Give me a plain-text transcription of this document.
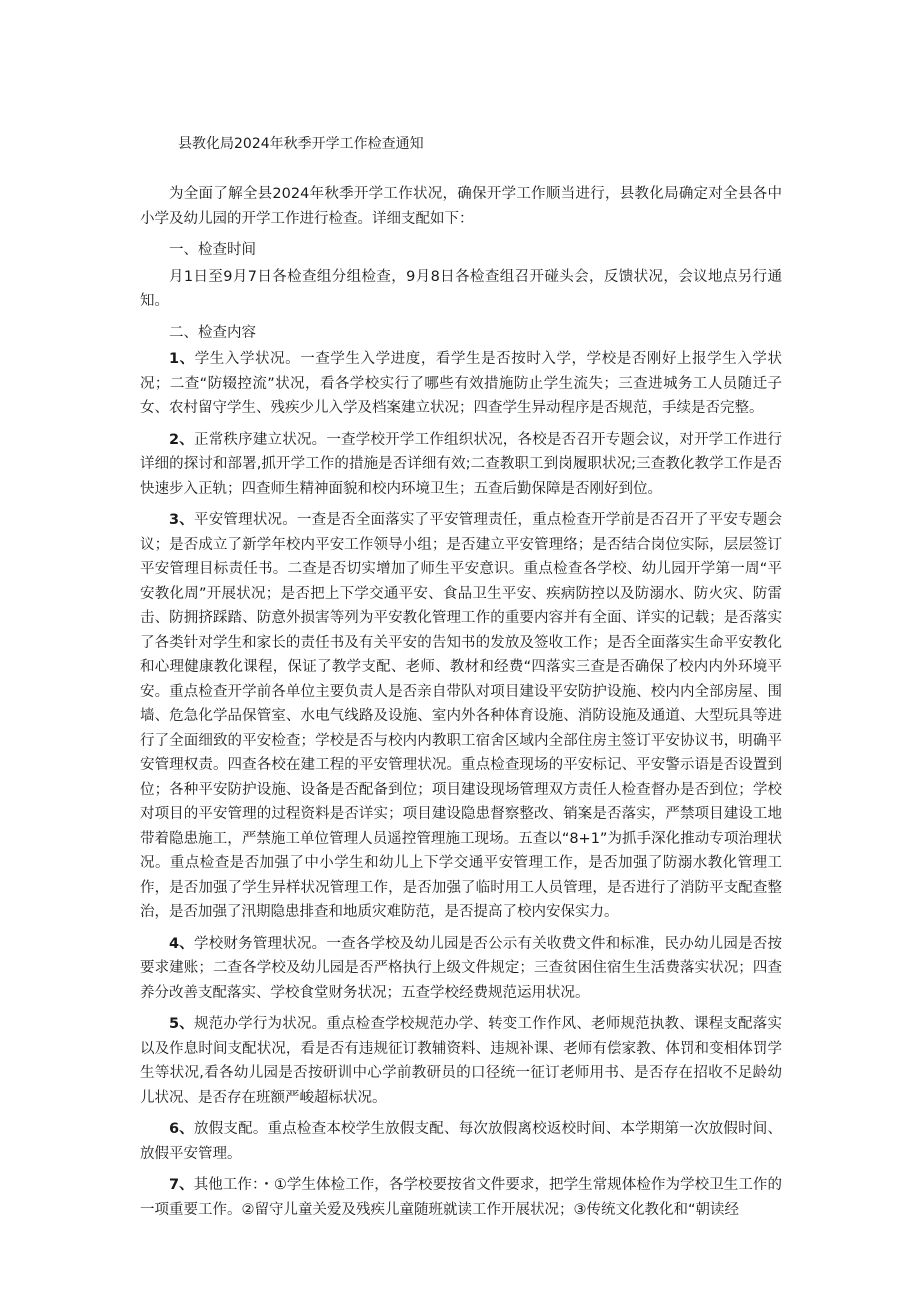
县教化局2024年秋季开学工作检查通知

为全面了解全县2024年秋季开学工作状况，确保开学工作顺当进行，县教化局确定对全县各中小学及幼儿园的开学工作进行检查。详细支配如下：

一、检查时间

月1日至9月7日各检查组分组检查，9月8日各检查组召开碰头会，反馈状况，会议地点另行通知。

二、检查内容

1、学生入学状况。一查学生入学进度，看学生是否按时入学，学校是否刚好上报学生入学状况；二查“防辍控流”状况，看各学校实行了哪些有效措施防止学生流失；三查进城务工人员随迁子女、农村留守学生、残疾少儿入学及档案建立状况；四查学生异动程序是否规范，手续是否完整。

2、正常秩序建立状况。一查学校开学工作组织状况，各校是否召开专题会议，对开学工作进行详细的探讨和部署,抓开学工作的措施是否详细有效;二查教职工到岗履职状况;三查教化教学工作是否快速步入正轨；四查师生精神面貌和校内环境卫生；五查后勤保障是否刚好到位。

3、平安管理状况。一查是否全面落实了平安管理责任，重点检查开学前是否召开了平安专题会议；是否成立了新学年校内平安工作领导小组；是否建立平安管理络；是否结合岗位实际，层层签订平安管理目标责任书。二查是否切实增加了师生平安意识。重点检查各学校、幼儿园开学第一周“平安教化周”开展状况；是否把上下学交通平安、食品卫生平安、疾病防控以及防溺水、防火灾、防雷击、防拥挤踩踏、防意外损害等列为平安教化管理工作的重要内容并有全面、详实的记载；是否落实了各类针对学生和家长的责任书及有关平安的告知书的发放及签收工作；是否全面落实生命平安教化和心理健康教化课程，保证了教学支配、老师、教材和经费“四落实三查是否确保了校内内外环境平安。重点检查开学前各单位主要负责人是否亲自带队对项目建设平安防护设施、校内内全部房屋、围墙、危急化学品保管室、水电气线路及设施、室内外各种体育设施、消防设施及通道、大型玩具等进行了全面细致的平安检查；学校是否与校内内教职工宿舍区域内全部住房主签订平安协议书，明确平安管理权责。四查各校在建工程的平安管理状况。重点检查现场的平安标记、平安警示语是否设置到位；各种平安防护设施、设备是否配备到位；项目建设现场管理双方责任人检查督办是否到位；学校对项目的平安管理的过程资料是否详实；项目建设隐患督察整改、销案是否落实，严禁项目建设工地带着隐患施工，严禁施工单位管理人员遥控管理施工现场。五查以“8+1”为抓手深化推动专项治理状况。重点检查是否加强了中小学生和幼儿上下学交通平安管理工作，是否加强了防溺水教化管理工作，是否加强了学生异样状况管理工作，是否加强了临时用工人员管理，是否进行了消防平支配查整治，是否加强了汛期隐患排查和地质灾难防范，是否提高了校内安保实力。

4、学校财务管理状况。一查各学校及幼儿园是否公示有关收费文件和标准，民办幼儿园是否按要求建账；二查各学校及幼儿园是否严格执行上级文件规定；三查贫困住宿生生活费落实状况；四查养分改善支配落实、学校食堂财务状况；五查学校经费规范运用状况。

5、规范办学行为状况。重点检查学校规范办学、转变工作作风、老师规范执教、课程支配落实以及作息时间支配状况，看是否有违规征订教辅资料、违规补课、老师有偿家教、体罚和变相体罚学生等状况,看各幼儿园是否按研训中心学前教研员的口径统一征订老师用书、是否存在招收不足龄幼儿状况、是否存在班额严峻超标状况。

6、放假支配。重点检查本校学生放假支配、每次放假离校返校时间、本学期第一次放假时间、放假平安管理。

7、其他工作：・①学生体检工作，各学校要按省文件要求，把学生常规体检作为学校卫生工作的一项重要工作。②留守儿童关爱及残疾儿童随班就读工作开展状况；③传统文化教化和“朝读经
